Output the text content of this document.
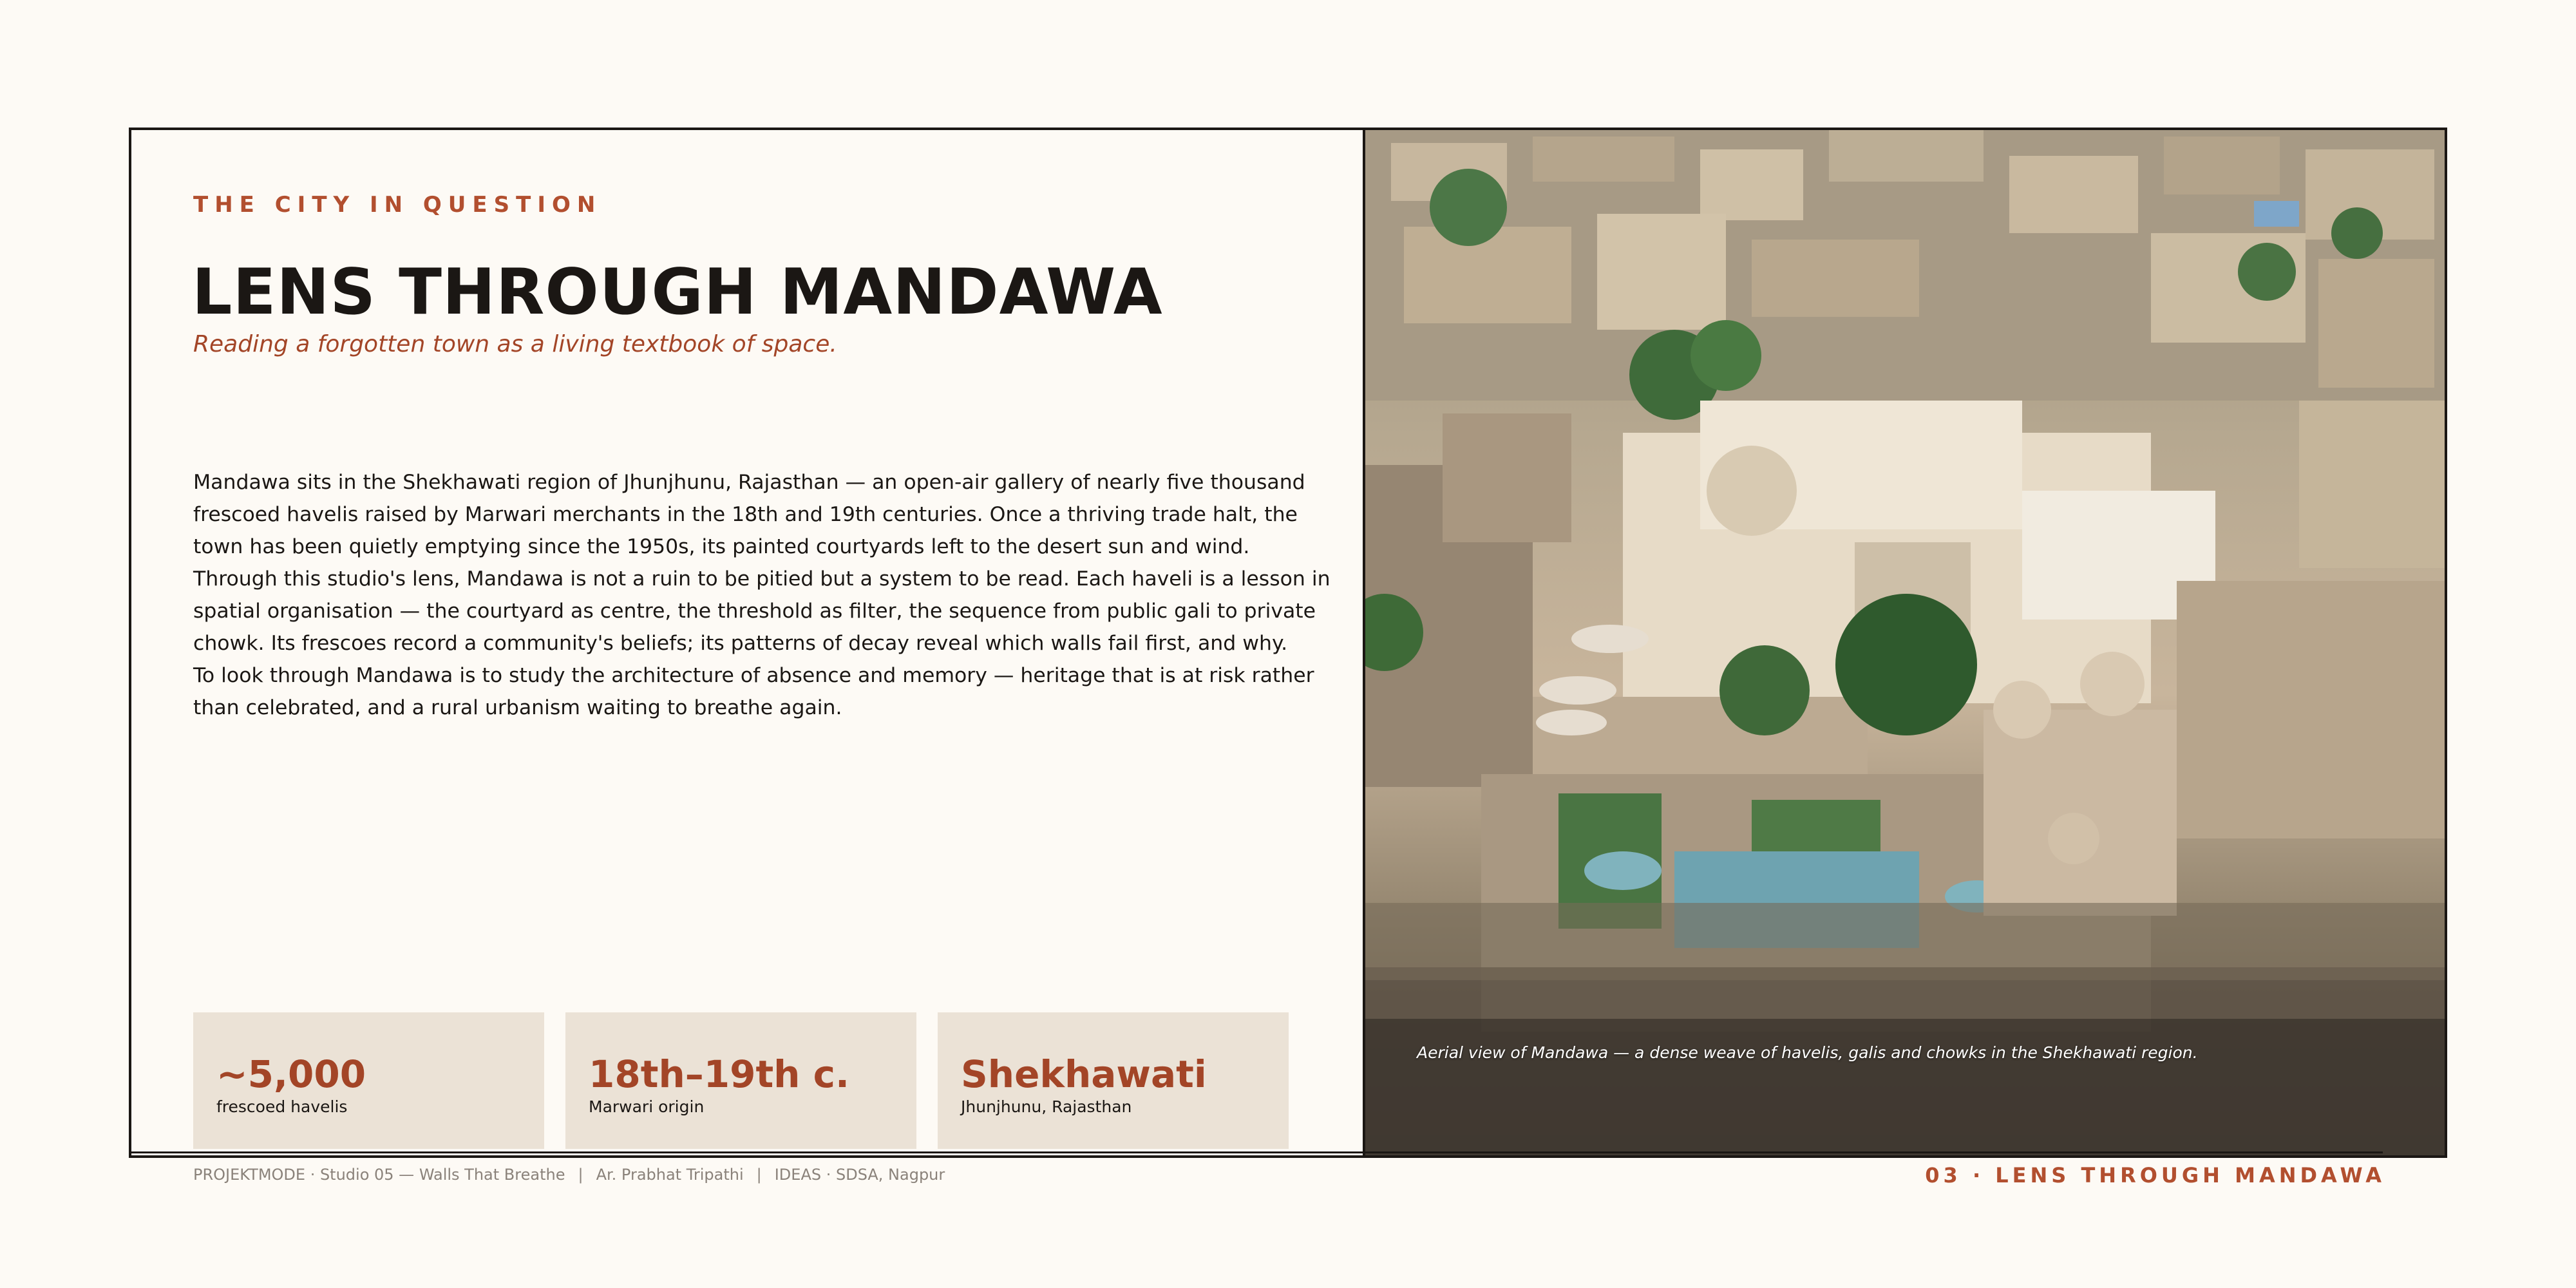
THE CITY IN QUESTION
LENS THROUGH MANDAWA
Reading a forgotten town as a living textbook of space.

Mandawa sits in the Shekhawati region of Jhunjhunu, Rajasthan — an open-air gallery of nearly five thousand

frescoed havelis raised by Marwari merchants in the 18th and 19th centuries. Once a thriving trade halt, the

town has been quietly emptying since the 1950s, its painted courtyards left to the desert sun and wind.

Through this studio's lens, Mandawa is not a ruin to be pitied but a system to be read. Each haveli is a lesson in

spatial organisation — the courtyard as centre, the threshold as filter, the sequence from public gali to private

chowk. Its frescoes record a community's beliefs; its patterns of decay reveal which walls fail first, and why.

To look through Mandawa is to study the architecture of absence and memory — heritage that is at risk rather

than celebrated, and a rural urbanism waiting to breathe again.

~5,000
frescoed havelis
18th–19th c.
Marwari origin
Shekhawati
Jhunjhunu, Rajasthan
Aerial view of Mandawa — a dense weave of havelis, galis and chowks in the Shekhawati region.
PROJEKTMODE · Studio 05 — Walls That Breathe | Ar. Prabhat Tripathi | IDEAS · SDSA, Nagpur	03 · LENS THROUGH MANDAWA
